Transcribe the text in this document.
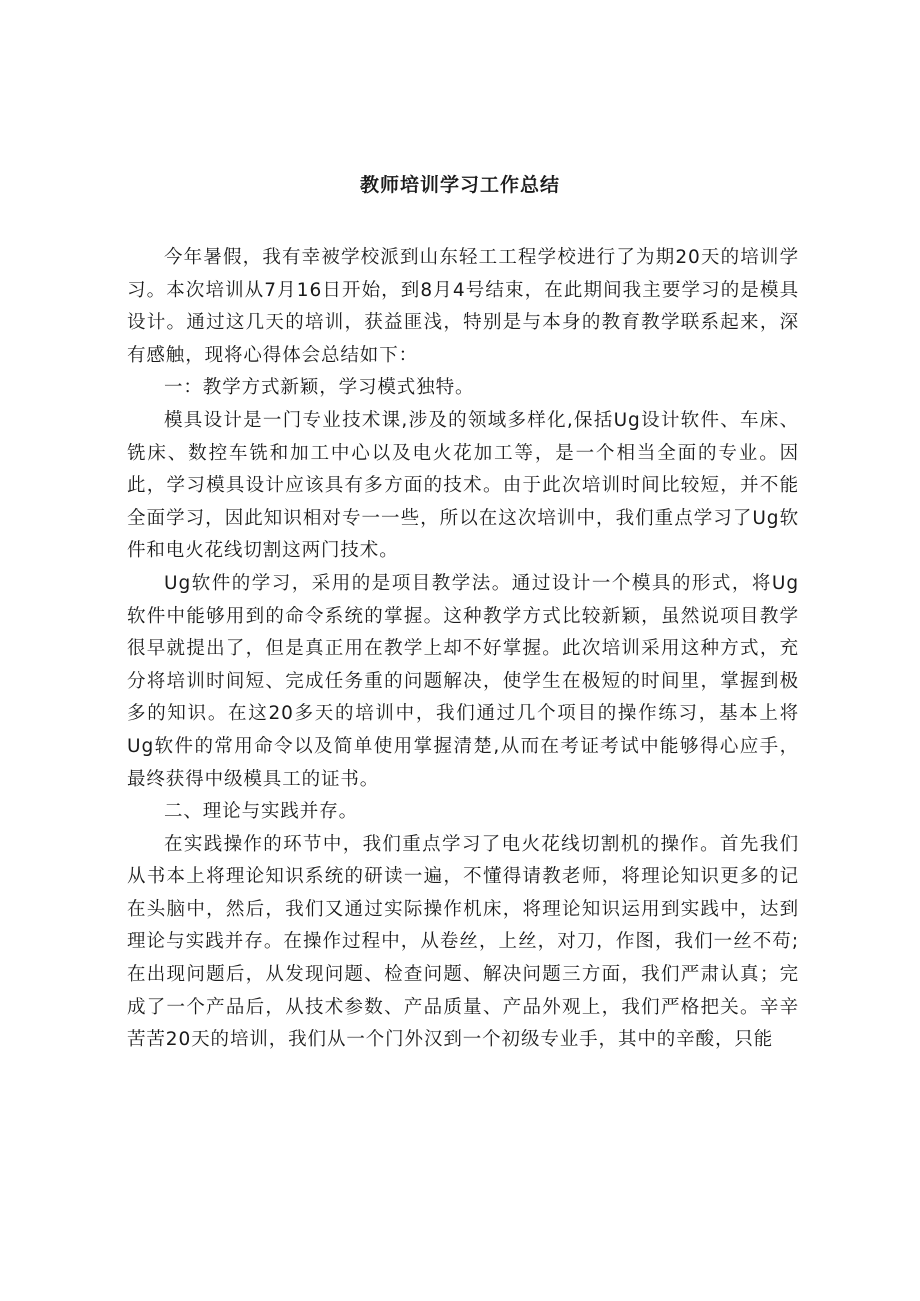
教师培训学习工作总结

今年暑假，我有幸被学校派到山东轻工工程学校进行了为期20天的培训学习。本次培训从7月16日开始，到8月4号结束，在此期间我主要学习的是模具设计。通过这几天的培训，获益匪浅，特别是与本身的教育教学联系起来，深有感触，现将心得体会总结如下：

一：教学方式新颖，学习模式独特。

模具设计是一门专业技术课,涉及的领域多样化,保括Ug设计软件、车床、铣床、数控车铣和加工中心以及电火花加工等，是一个相当全面的专业。因此，学习模具设计应该具有多方面的技术。由于此次培训时间比较短，并不能全面学习，因此知识相对专一一些，所以在这次培训中，我们重点学习了Ug软件和电火花线切割这两门技术。

Ug软件的学习，采用的是项目教学法。通过设计一个模具的形式，将Ug软件中能够用到的命令系统的掌握。这种教学方式比较新颖，虽然说项目教学很早就提出了，但是真正用在教学上却不好掌握。此次培训采用这种方式，充分将培训时间短、完成任务重的问题解决，使学生在极短的时间里，掌握到极多的知识。在这20多天的培训中，我们通过几个项目的操作练习，基本上将Ug软件的常用命令以及简单使用掌握清楚,从而在考证考试中能够得心应手，最终获得中级模具工的证书。

二、理论与实践并存。

在实践操作的环节中，我们重点学习了电火花线切割机的操作。首先我们从书本上将理论知识系统的研读一遍，不懂得请教老师，将理论知识更多的记在头脑中，然后，我们又通过实际操作机床，将理论知识运用到实践中，达到理论与实践并存。在操作过程中，从卷丝，上丝，对刀，作图，我们一丝不苟;在出现问题后，从发现问题、检查问题、解决问题三方面，我们严肃认真；完成了一个产品后，从技术参数、产品质量、产品外观上，我们严格把关。辛辛苦苦20天的培训，我们从一个门外汉到一个初级专业手，其中的辛酸，只能
